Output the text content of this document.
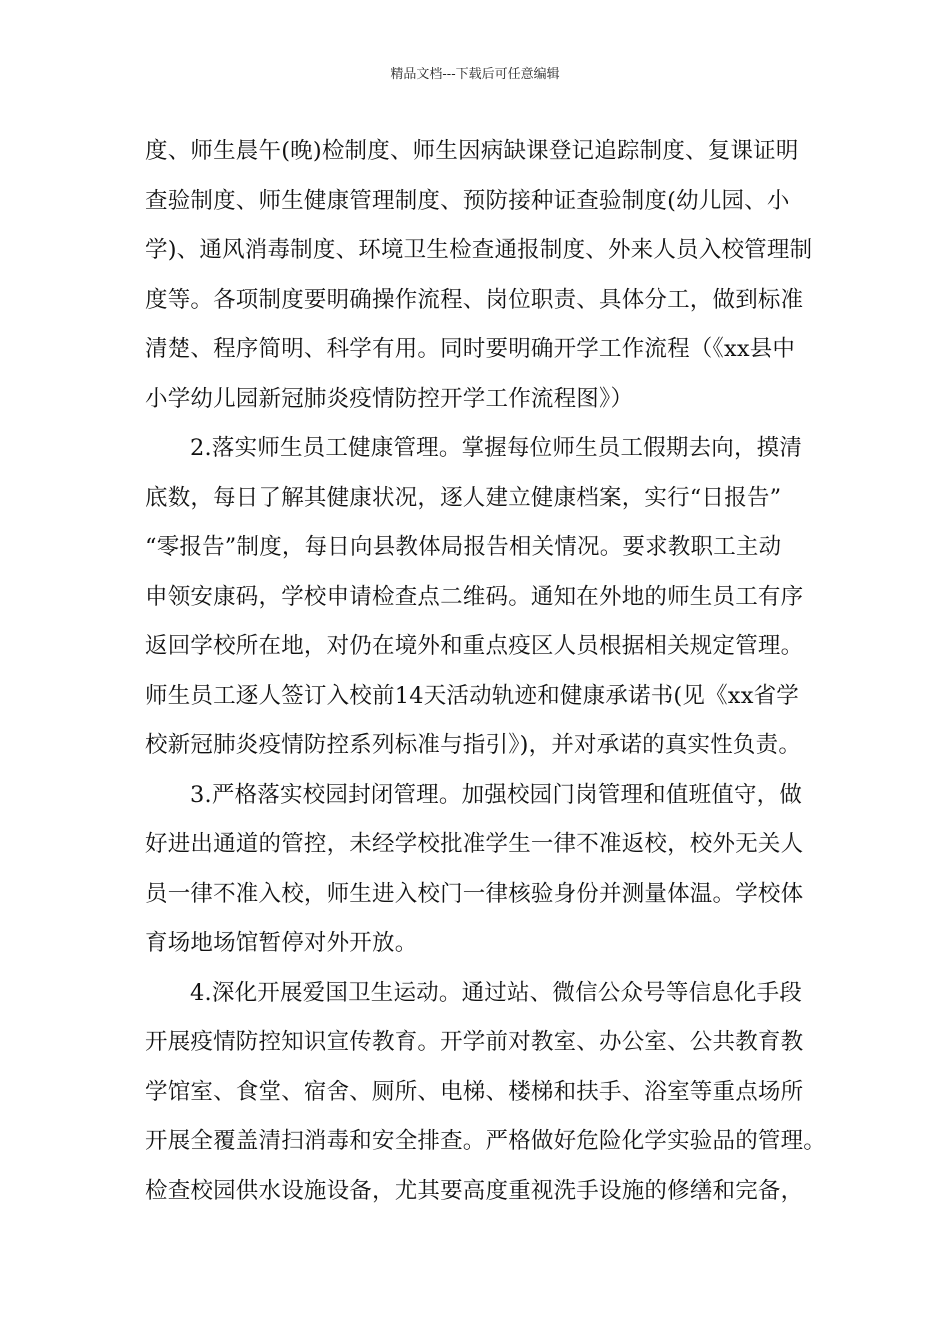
精品文档---下载后可任意编辑
度、师生晨午(晚)检制度、师生因病缺课登记追踪制度、复课证明
查验制度、师生健康管理制度、预防接种证查验制度(幼儿园、小
学)、通风消毒制度、环境卫生检查通报制度、外来人员入校管理制
度等。各项制度要明确操作流程、岗位职责、具体分工，做到标准
清楚、程序简明、科学有用。同时要明确开学工作流程（《xx县中
小学幼儿园新冠肺炎疫情防控开学工作流程图》）
2.落实师生员工健康管理。掌握每位师生员工假期去向，摸清
底数，每日了解其健康状况，逐人建立健康档案，实行“日报告”
“零报告”制度，每日向县教体局报告相关情况。要求教职工主动
申领安康码，学校申请检查点二维码。通知在外地的师生员工有序
返回学校所在地，对仍在境外和重点疫区人员根据相关规定管理。
师生员工逐人签订入校前14天活动轨迹和健康承诺书(见《xx省学
校新冠肺炎疫情防控系列标准与指引》)，并对承诺的真实性负责。
3.严格落实校园封闭管理。加强校园门岗管理和值班值守，做
好进出通道的管控，未经学校批准学生一律不准返校，校外无关人
员一律不准入校，师生进入校门一律核验身份并测量体温。学校体
育场地场馆暂停对外开放。
4.深化开展爱国卫生运动。通过站、微信公众号等信息化手段
开展疫情防控知识宣传教育。开学前对教室、办公室、公共教育教
学馆室、食堂、宿舍、厕所、电梯、楼梯和扶手、浴室等重点场所
开展全覆盖清扫消毒和安全排查。严格做好危险化学实验品的管理。
检查校园供水设施设备，尤其要高度重视洗手设施的修缮和完备，
